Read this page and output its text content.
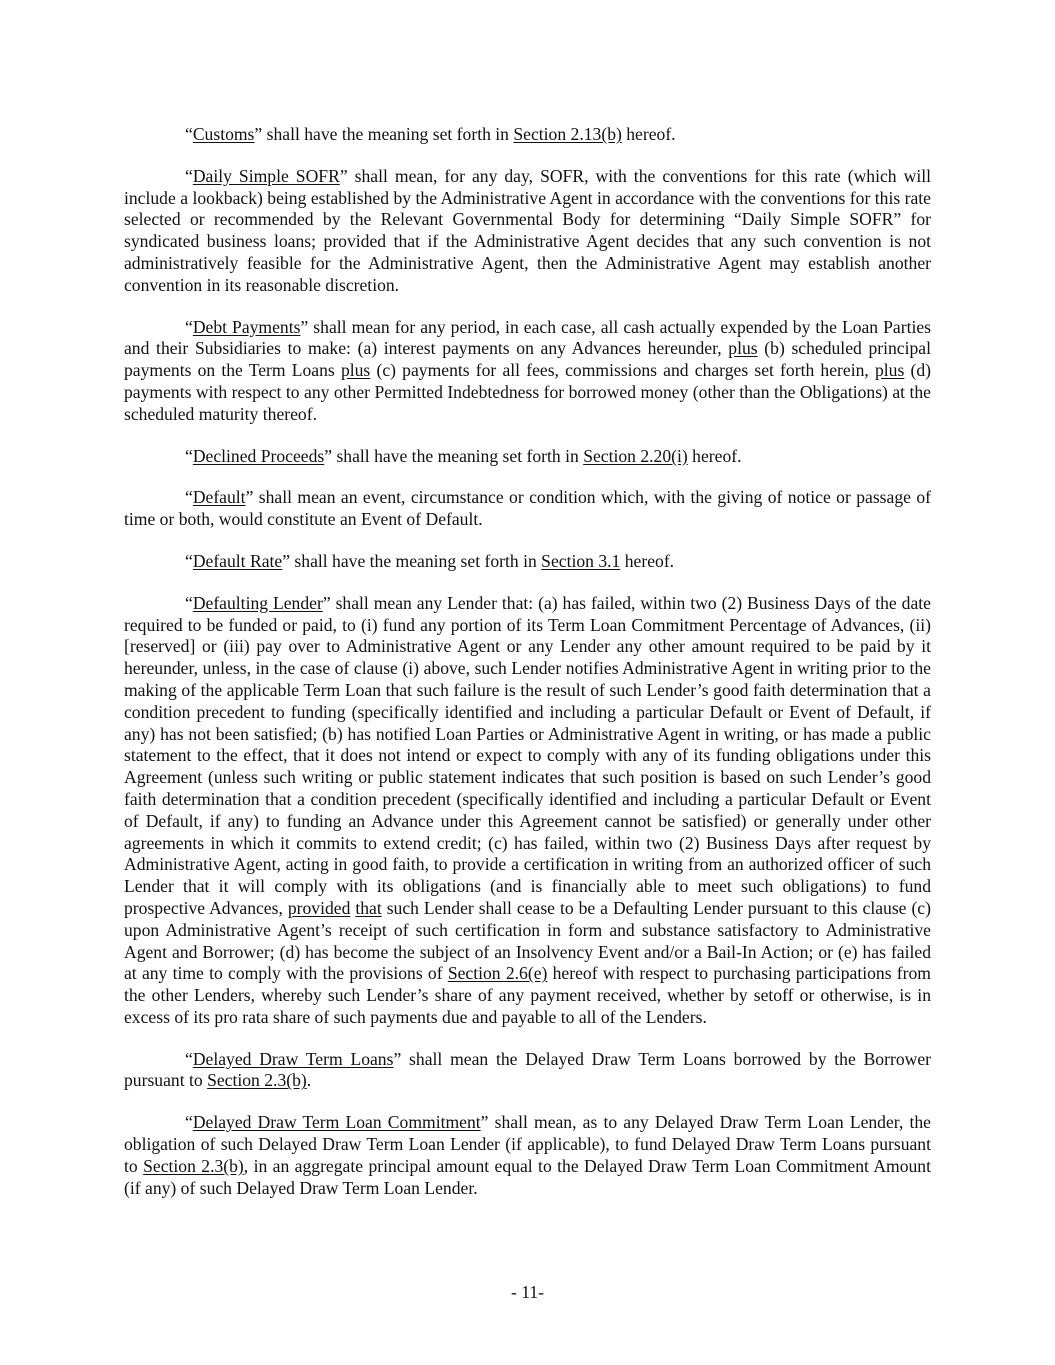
“Customs” shall have the meaning set forth in Section 2.13(b) hereof.

“Daily Simple SOFR” shall mean, for any day, SOFR, with the conventions for this rate (which will include a lookback) being established by the Administrative Agent in accordance with the conventions for this rate selected or recommended by the Relevant Governmental Body for determining “Daily Simple SOFR” for syndicated business loans; provided that if the Administrative Agent decides that any such convention is not administratively feasible for the Administrative Agent, then the Administrative Agent may establish another convention in its reasonable discretion.

“Debt Payments” shall mean for any period, in each case, all cash actually expended by the Loan Parties and their Subsidiaries to make: (a) interest payments on any Advances hereunder, plus (b) scheduled principal payments on the Term Loans plus (c) payments for all fees, commissions and charges set forth herein, plus (d) payments with respect to any other Permitted Indebtedness for borrowed money (other than the Obligations) at the scheduled maturity thereof.

“Declined Proceeds” shall have the meaning set forth in Section 2.20(i) hereof.

“Default” shall mean an event, circumstance or condition which, with the giving of notice or passage of time or both, would constitute an Event of Default.

“Default Rate” shall have the meaning set forth in Section 3.1 hereof.

“Defaulting Lender” shall mean any Lender that: (a) has failed, within two (2) Business Days of the date required to be funded or paid, to (i) fund any portion of its Term Loan Commitment Percentage of Advances, (ii) [reserved] or (iii) pay over to Administrative Agent or any Lender any other amount required to be paid by it hereunder, unless, in the case of clause (i) above, such Lender notifies Administrative Agent in writing prior to the making of the applicable Term Loan that such failure is the result of such Lender’s good faith determination that a condition precedent to funding (specifically identified and including a particular Default or Event of Default, if any) has not been satisfied; (b) has notified Loan Parties or Administrative Agent in writing, or has made a public statement to the effect, that it does not intend or expect to comply with any of its funding obligations under this Agreement (unless such writing or public statement indicates that such position is based on such Lender’s good faith determination that a condition precedent (specifically identified and including a particular Default or Event of Default, if any) to funding an Advance under this Agreement cannot be satisfied) or generally under other agreements in which it commits to extend credit; (c) has failed, within two (2) Business Days after request by Administrative Agent, acting in good faith, to provide a certification in writing from an authorized officer of such Lender that it will comply with its obligations (and is financially able to meet such obligations) to fund prospective Advances, provided that such Lender shall cease to be a Defaulting Lender pursuant to this clause (c) upon Administrative Agent’s receipt of such certification in form and substance satisfactory to Administrative Agent and Borrower; (d) has become the subject of an Insolvency Event and/or a Bail-In Action; or (e) has failed at any time to comply with the provisions of Section 2.6(e) hereof with respect to purchasing participations from the other Lenders, whereby such Lender’s share of any payment received, whether by setoff or otherwise, is in excess of its pro rata share of such payments due and payable to all of the Lenders.

“Delayed Draw Term Loans” shall mean the Delayed Draw Term Loans borrowed by the Borrower pursuant to Section 2.3(b).

“Delayed Draw Term Loan Commitment” shall mean, as to any Delayed Draw Term Loan Lender, the obligation of such Delayed Draw Term Loan Lender (if applicable), to fund Delayed Draw Term Loans pursuant to Section 2.3(b), in an aggregate principal amount equal to the Delayed Draw Term Loan Commitment Amount (if any) of such Delayed Draw Term Loan Lender.

- 11-
